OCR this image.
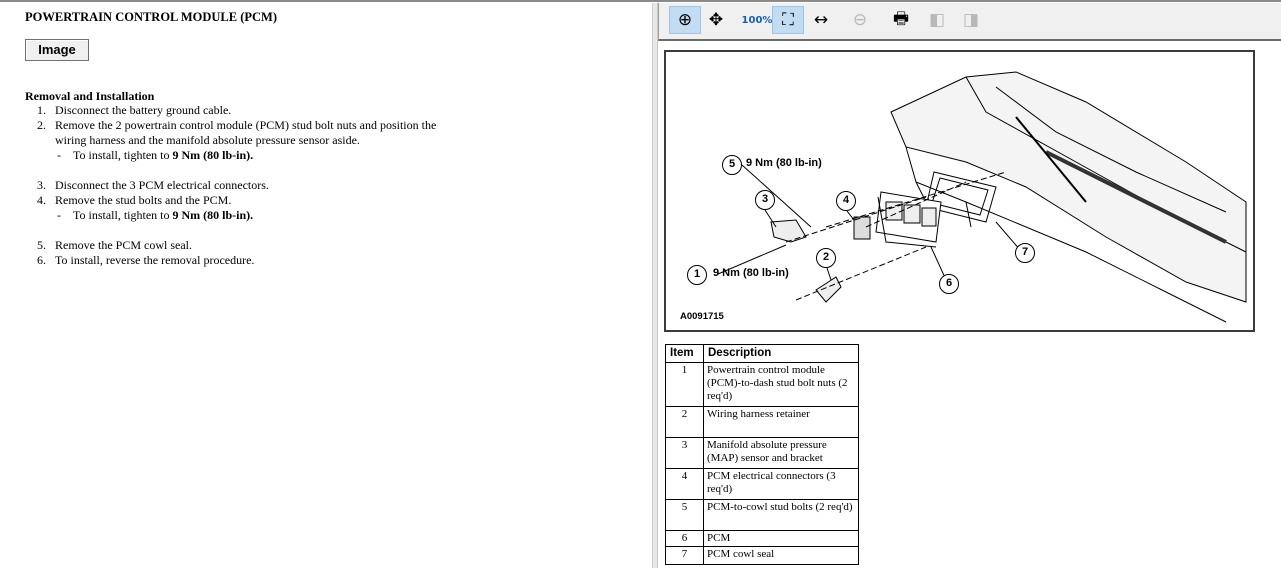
POWERTRAIN CONTROL MODULE (PCM)
Image
Removal and Installation
1. Disconnect the battery ground cable.
2. Remove the 2 powertrain control module (PCM) stud bolt nuts and position the
wiring harness and the manifold absolute pressure sensor aside.
- To install, tighten to 9 Nm (80 lb-in).
3. Disconnect the 3 PCM electrical connectors.
4. Remove the stud bolts and the PCM.
- To install, tighten to 9 Nm (80 lb-in).
5. Remove the PCM cowl seal.
6. To install, reverse the removal procedure.
⊕ ✥	100% ⛶	↔	⊖	🖶	◧	◨
5 9 Nm (80 lb-in)
3	4
2
1	9 Nm (80 lb-in)
7
6
A0091715
Item	Description
1	Powertrain control module (PCM)-to-dash stud bolt nuts (2 req'd)
2	Wiring harness retainer
3	Manifold absolute pressure (MAP) sensor and bracket
4	PCM electrical connectors (3 req'd)
5	PCM-to-cowl stud bolts (2 req'd)
6	PCM
7	PCM cowl seal
